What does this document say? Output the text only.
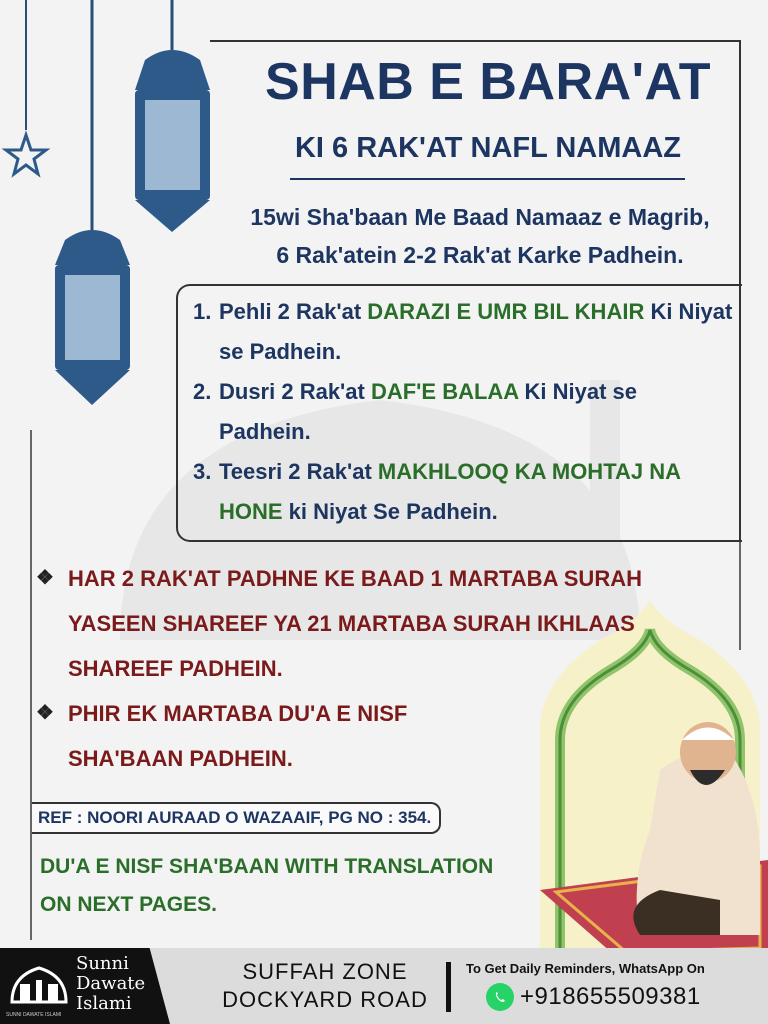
SHAB E BARA'AT
KI 6 RAK'AT NAFL NAMAAZ
15wi Sha'baan Me Baad Namaaz e Magrib,
6 Rak'atein 2-2 Rak'at Karke Padhein.
1. Pehli 2 Rak'at DARAZI E UMR BIL KHAIR Ki Niyat se Padhein.
2. Dusri 2 Rak'at DAF'E BALAA Ki Niyat se Padhein.
3. Teesri 2 Rak'at MAKHLOOQ KA MOHTAJ NA HONE ki Niyat Se Padhein.
❖ HAR 2 RAK'AT PADHNE KE BAAD 1 MARTABA SURAH YASEEN SHAREEF YA 21 MARTABA SURAH IKHLAAS SHAREEF PADHEIN.
❖ PHIR EK MARTABA DU'A E NISF SHA'BAAN PADHEIN.
REF : NOORI AURAAD O WAZAAIF, PG NO : 354.
DU'A E NISF SHA'BAAN WITH TRANSLATION ON NEXT PAGES.
Sunni
Dawate
Islami
SUNNI DAWATE ISLAMI
SUFFAH ZONE
DOCKYARD ROAD
To Get Daily Reminders, WhatsApp On
+918655509381
